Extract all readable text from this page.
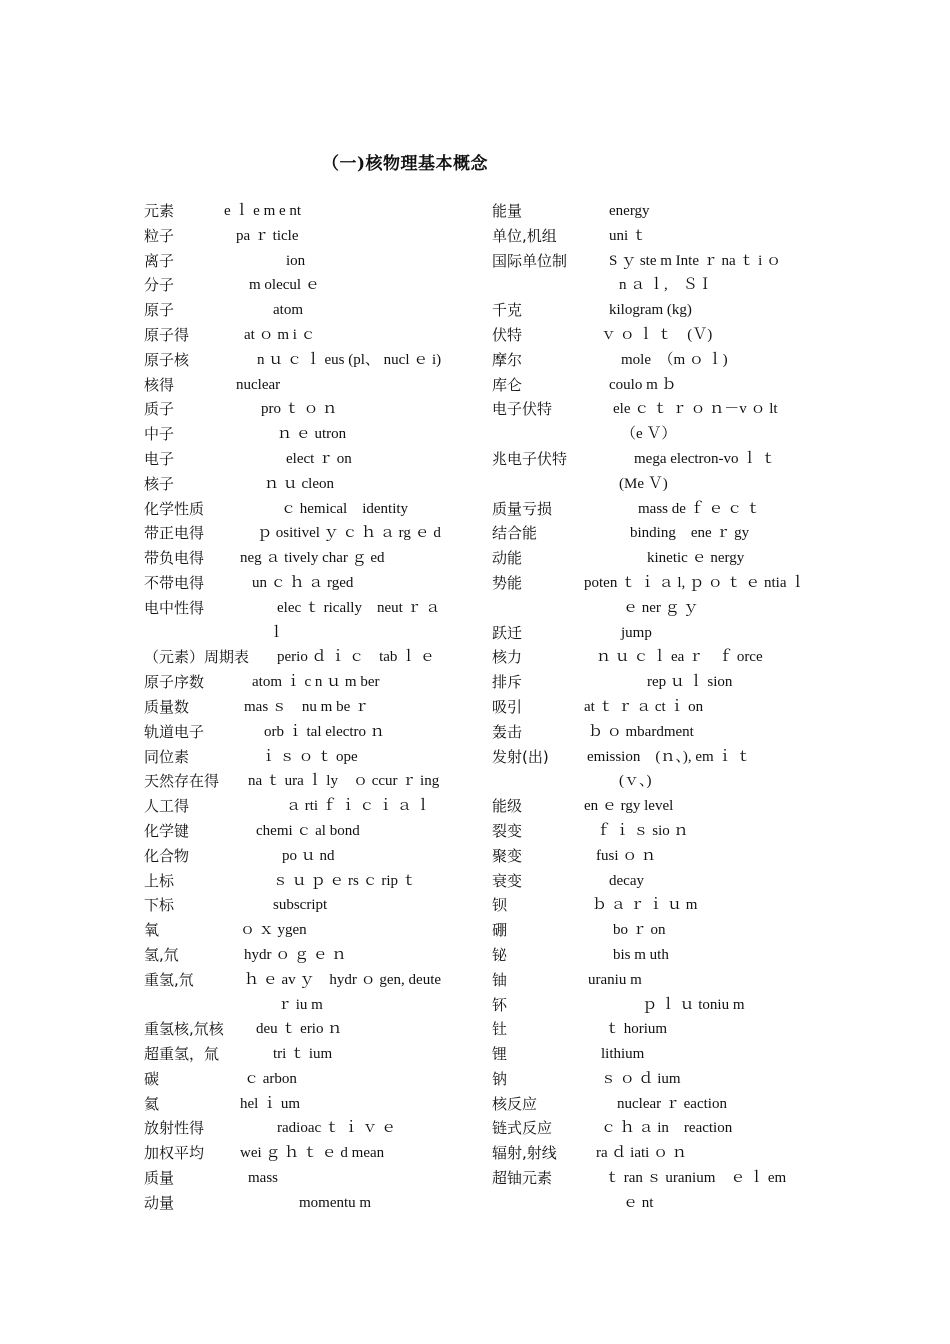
（一)核物理基本概念
元素	e ｌ e m e nt
粒子	pa ｒ ticle
离子	ion
分子	m olecul ｅ
原子	atom
原子得	at ｏ m i ｃ
原子核	n ｕ ｃ ｌ eus (pl、 nucl ｅ i)
核得	nuclear
质子	pro ｔ ｏ ｎ
中子	ｎ ｅ utron
电子	elect ｒ on
核子	ｎ ｕ cleon
化学性质	ｃ hemical　identity
带正电得	ｐ ositivel ｙ ｃ ｈ ａ rg ｅ d
带负电得 neg ａ tively char ｇ ed
不带电得	un ｃ ｈ ａ rged
电中性得	elec ｔ rically　neut ｒ ａ
ｌ
（元素）周期表 perio ｄ ｉ ｃ　tab ｌ ｅ
原子序数	atom ｉ c n ｕ m ber
质量数	mas ｓ　nu m be ｒ
轨道电子	orb ｉ tal electro ｎ
同位素	ｉ ｓ ｏ ｔ ope
天然存在得 na ｔ ura ｌ ly　ｏ ccur ｒ ing
人工得	ａ rti ｆ ｉ ｃ ｉ ａ ｌ
化学键	chemi ｃ al bond
化合物	po ｕ nd
上标	ｓ ｕ ｐ ｅ rs ｃ rip ｔ
下标	subscript
氧	ｏ ｘ ygen
氢,氘	hydr ｏ ｇ ｅ ｎ
重氢,氘	ｈ ｅ av ｙ　hydr ｏ gen, deute
ｒ iu m
重氢核,氘核 deu ｔ erio ｎ
超重氢，氚	tri ｔ ium
碳	ｃ arbon
氦	hel ｉ um
放射性得	radioac ｔ ｉ ｖ ｅ
加权平均 wei ｇ ｈ ｔ ｅ d mean
质量	mass
动量	momentu m
能量	energy
单位,机组	uni ｔ
国际单位制	S ｙ ste m Inte ｒ na ｔ i ｏ
n ａ ｌ,　ＳＩ
千克	kilogram (kg)
伏特	ｖ ｏ ｌ ｔ　(Ｖ)
摩尔	mole　（m ｏ ｌ)
库仑	coulo m ｂ
电子伏特	ele ｃ ｔ ｒ ｏ ｎ－v ｏ lt
（e Ｖ）
兆电子伏特	mega electron-vo ｌ ｔ
(Me Ｖ)
质量亏损	mass de ｆ ｅ ｃ ｔ
结合能	binding　ene ｒ gy
动能	kinetic ｅ nergy
势能	poten ｔ ｉ ａ l, ｐ ｏ ｔ ｅ ntia ｌ
ｅ ner ｇ ｙ
跃迁	jump
核力	ｎ ｕ ｃ ｌ ea ｒ　ｆ orce
排斥	rep ｕ ｌ sion
吸引	at ｔ ｒ ａ ct ｉ on
轰击	ｂ ｏ mbardment
发射(出)	emission　(ｎ、), em ｉ ｔ
(ｖ、)
能级	en ｅ rgy level
裂变	ｆ ｉ ｓ sio ｎ
聚变	fusi ｏ ｎ
衰变	decay
钡	ｂ ａ ｒ ｉ ｕ m
硼	bo ｒ on
铋	bis m uth
铀	uraniu m
钚	ｐ ｌ ｕ toniu m
钍	ｔ horium
锂	lithium
钠	ｓ ｏ ｄ ium
核反应	nuclear ｒ eaction
链式反应	ｃ ｈ ａ in　reaction
辐射,射线	ra ｄ iati ｏ ｎ
超铀元素	ｔ ran ｓ uranium　ｅ ｌ em
ｅ nt
